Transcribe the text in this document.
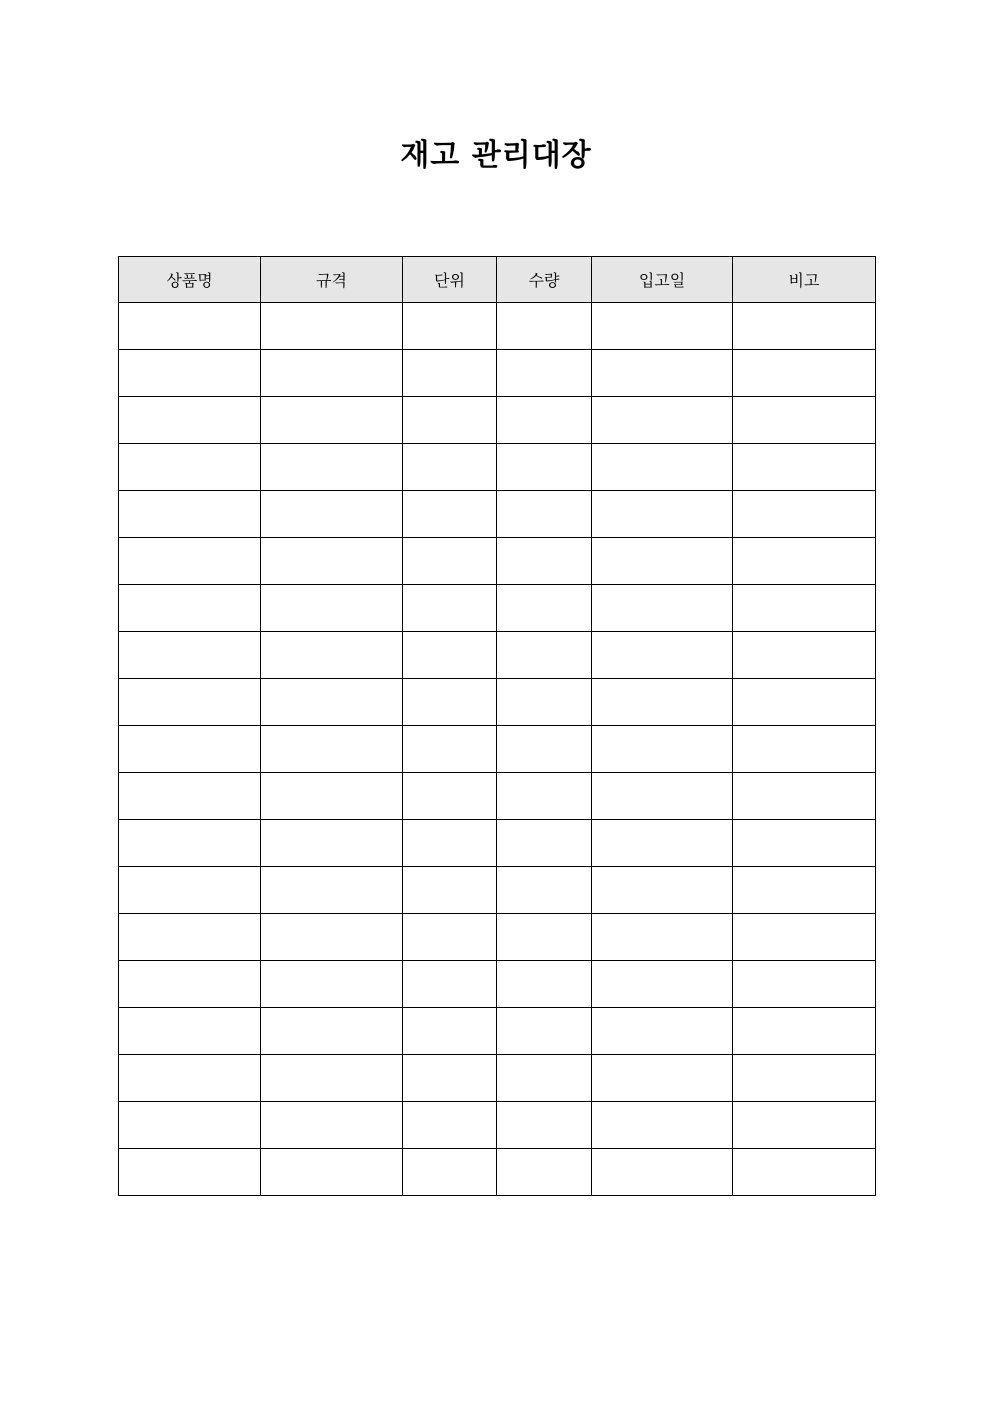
재고 관리대장
상품명	규격	단위	수량	입고일	비고
